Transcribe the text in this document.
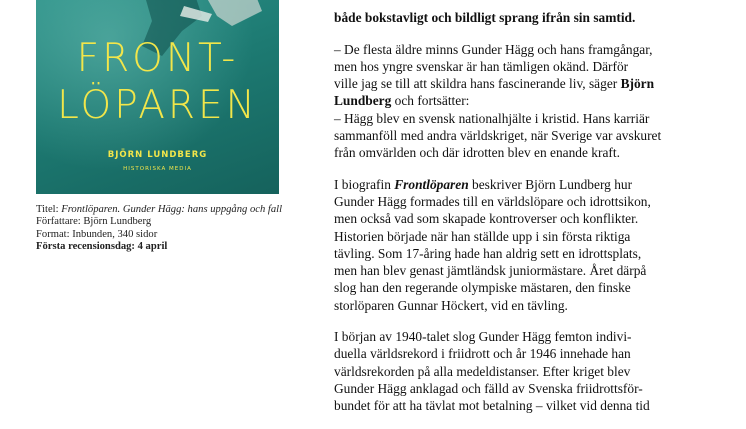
FRONT-
LÖPAREN
BJÖRN LUNDBERG
HISTORISKA MEDIA
Titel: Frontlöparen. Gunder Hägg: hans uppgång och fall
Författare: Björn Lundberg
Format: Inbunden, 340 sidor
Första recensionsdag: 4 april

både bokstavligt och bildligt sprang ifrån sin samtid.

– De flesta äldre minns Gunder Hägg och hans framgångar,
men hos yngre svenskar är han tämligen okänd. Därför
ville jag se till att skildra hans fascinerande liv, säger Björn
Lundberg och fortsätter:
– Hägg blev en svensk nationalhjälte i kristid. Hans karriär
sammanföll med andra världskriget, när Sverige var avskuret
från omvärlden och där idrotten blev en enande kraft.

I biografin Frontlöparen beskriver Björn Lundberg hur
Gunder Hägg formades till en världslöpare och idrottsikon,
men också vad som skapade kontroverser och konflikter.
Historien började när han ställde upp i sin första riktiga
tävling. Som 17-åring hade han aldrig sett en idrottsplats,
men han blev genast jämtländsk juniormästare. Året därpå
slog han den regerande olympiske mästaren, den finske
storlöparen Gunnar Höckert, vid en tävling.

I början av 1940-talet slog Gunder Hägg femton indivi-
duella världsrekord i friidrott och år 1946 innehade han
världsrekorden på alla medeldistanser. Efter kriget blev
Gunder Hägg anklagad och fälld av Svenska friidrottsför-
bundet för att ha tävlat mot betalning – vilket vid denna tid
